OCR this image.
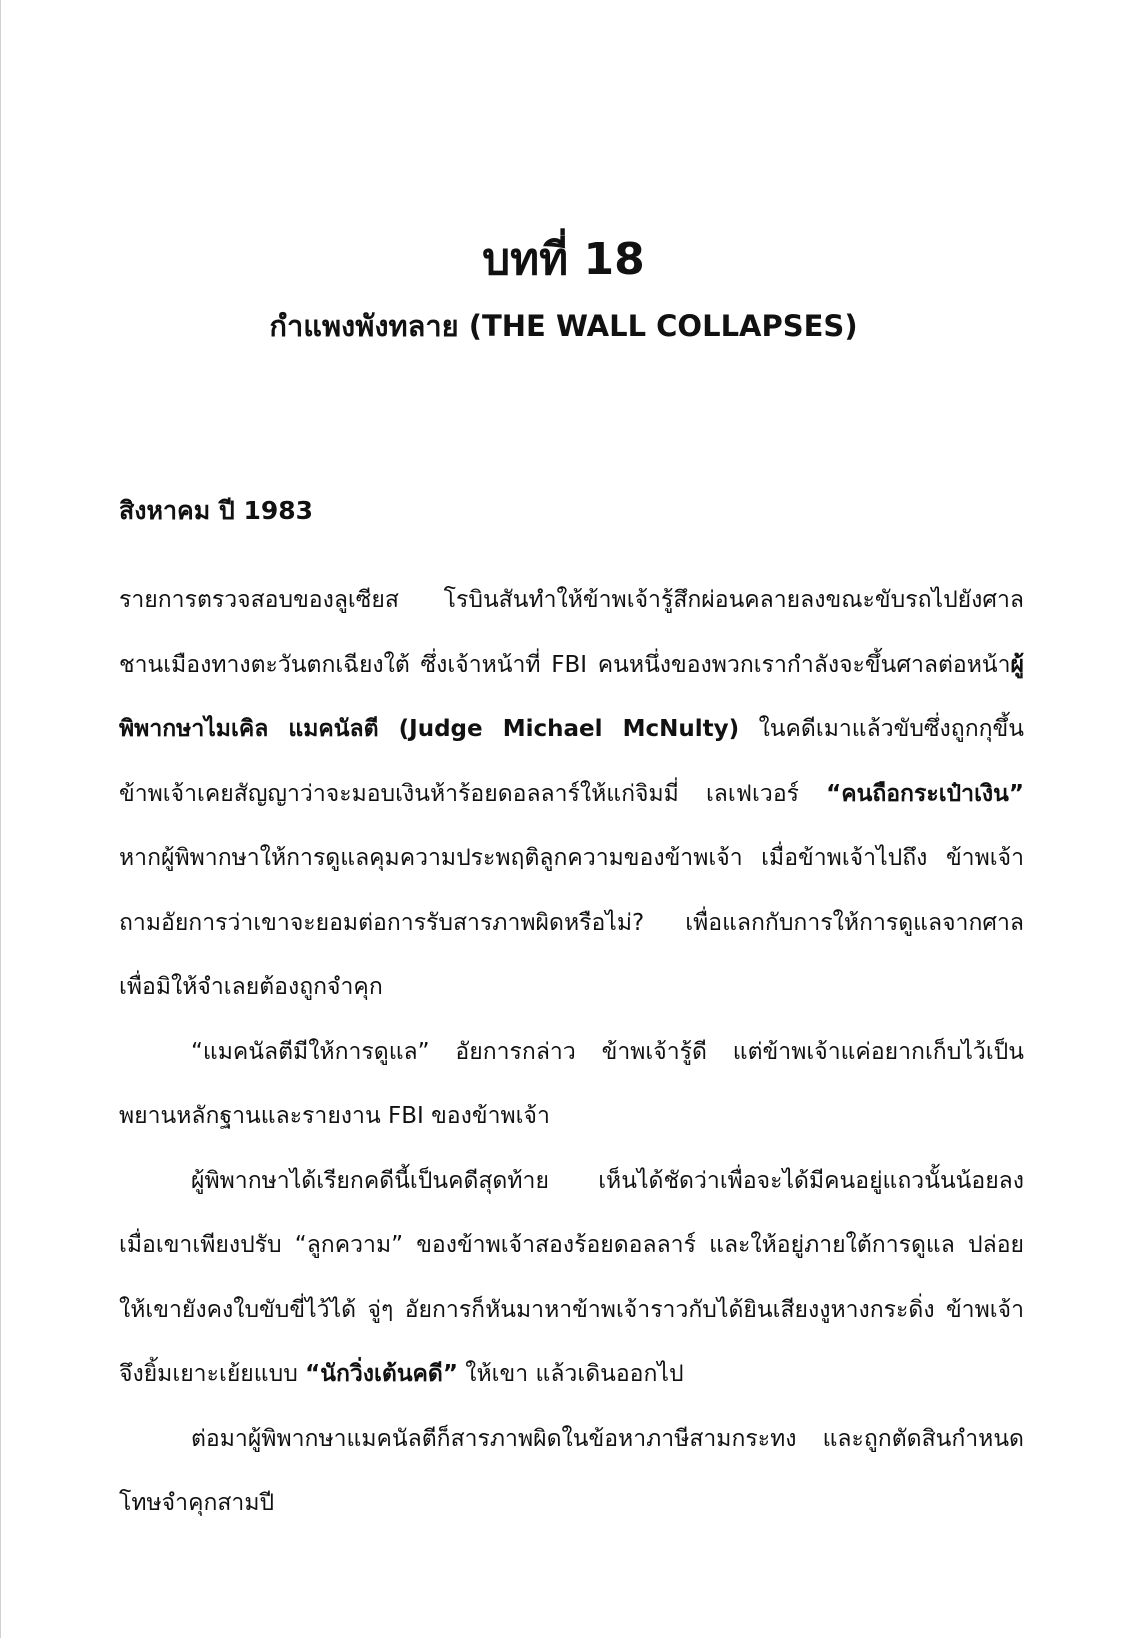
บทที่ 18
กำแพงพังทลาย (THE WALL COLLAPSES)
สิงหาคม ปี 1983

รายการตรวจสอบของลูเซียส โรบินสันทำให้ข้าพเจ้ารู้สึกผ่อนคลายลงขณะขับรถไปยังศาลชานเมืองทางตะวันตกเฉียงใต้ ซึ่งเจ้าหน้าที่ FBI คนหนึ่งของพวกเรากำลังจะขึ้นศาลต่อหน้าผู้พิพากษาไมเคิล แมคนัลตี (Judge Michael McNulty) ในคดีเมาแล้วขับซึ่งถูกกุขึ้น ข้าพเจ้าเคยสัญญาว่าจะมอบเงินห้าร้อยดอลลาร์ให้แก่จิมมี่ เลเฟเวอร์ “คนถือกระเป๋าเงิน” หากผู้พิพากษาให้การดูแลคุมความประพฤติลูกความของข้าพเจ้า เมื่อข้าพเจ้าไปถึง ข้าพเจ้าถามอัยการว่าเขาจะยอมต่อการรับสารภาพผิดหรือไม่? เพื่อแลกกับการให้การดูแลจากศาลเพื่อมิให้จำเลยต้องถูกจำคุก

“แมคนัลตีมีให้การดูแล” อัยการกล่าว ข้าพเจ้ารู้ดี แต่ข้าพเจ้าแค่อยากเก็บไว้เป็นพยานหลักฐานและรายงาน FBI ของข้าพเจ้า

ผู้พิพากษาได้เรียกคดีนี้เป็นคดีสุดท้าย เห็นได้ชัดว่าเพื่อจะได้มีคนอยู่แถวนั้นน้อยลง เมื่อเขาเพียงปรับ “ลูกความ” ของข้าพเจ้าสองร้อยดอลลาร์ และให้อยู่ภายใต้การดูแล ปล่อยให้เขายังคงใบขับขี่ไว้ได้ จู่ๆ อัยการก็หันมาหาข้าพเจ้าราวกับได้ยินเสียงงูหางกระดิ่ง ข้าพเจ้าจึงยิ้มเยาะเย้ยแบบ “นักวิ่งเต้นคดี” ให้เขา แล้วเดินออกไป

ต่อมาผู้พิพากษาแมคนัลตีก็สารภาพผิดในข้อหาภาษีสามกระทง และถูกตัดสินกำหนดโทษจำคุกสามปี
